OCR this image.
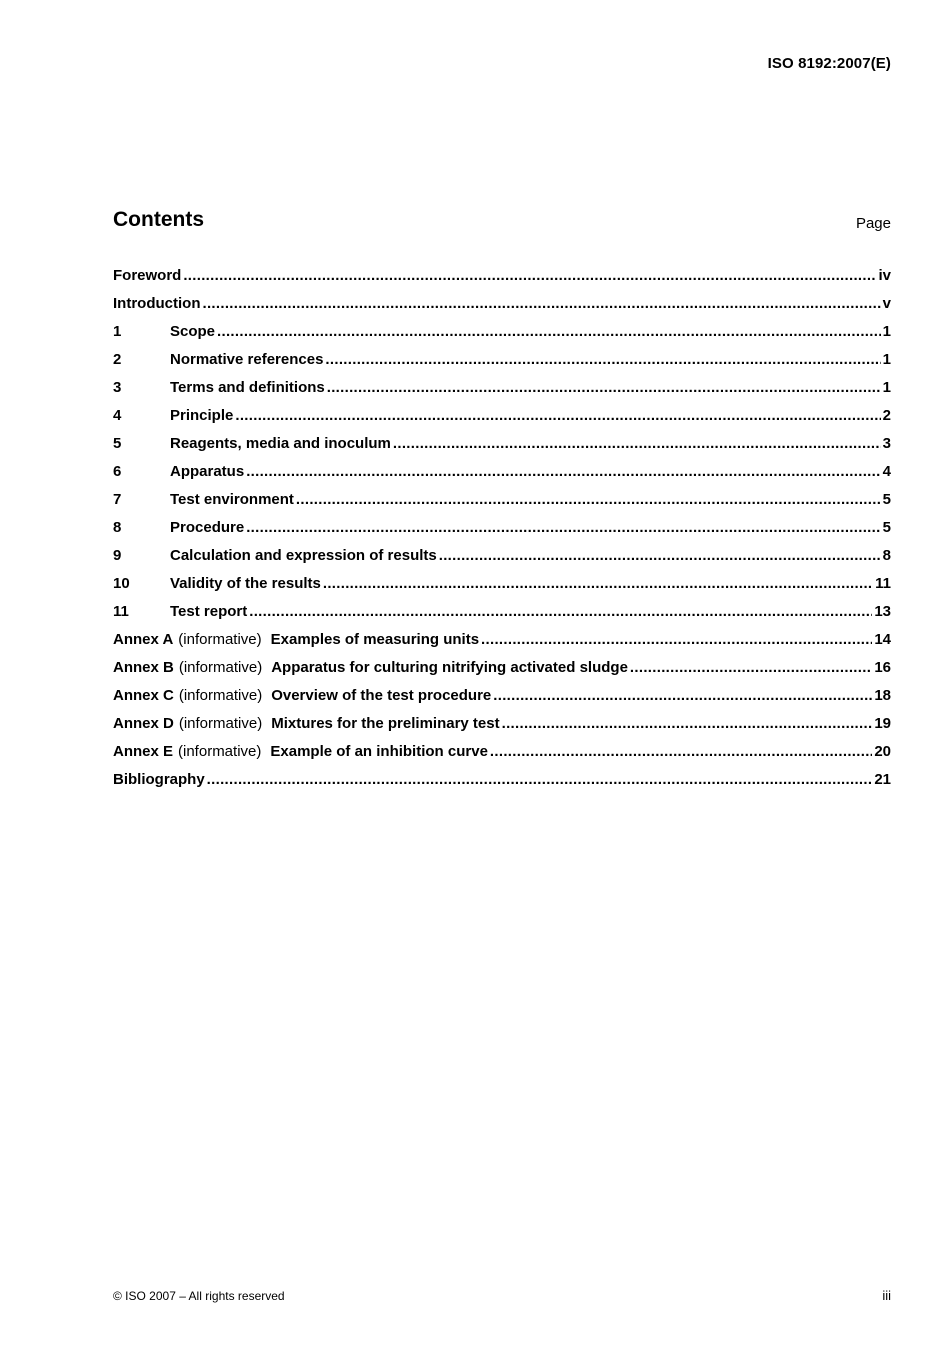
ISO 8192:2007(E)
Contents	Page
Foreword .....	iv
Introduction .....	v
1	Scope .....	1
2	Normative references .....	1
3	Terms and definitions .....	1
4	Principle .....	2
5	Reagents, media and inoculum .....	3
6	Apparatus .....	4
7	Test environment .....	5
8	Procedure .....	5
9	Calculation and expression of results .....	8
10	Validity of the results .....	11
11	Test report .....	13
Annex A (informative) Examples of measuring units .....	14
Annex B (informative) Apparatus for culturing nitrifying activated sludge .....	16
Annex C (informative) Overview of the test procedure .....	18
Annex D (informative) Mixtures for the preliminary test .....	19
Annex E (informative) Example of an inhibition curve .....	20
Bibliography .....	21
© ISO 2007 – All rights reserved	iii
